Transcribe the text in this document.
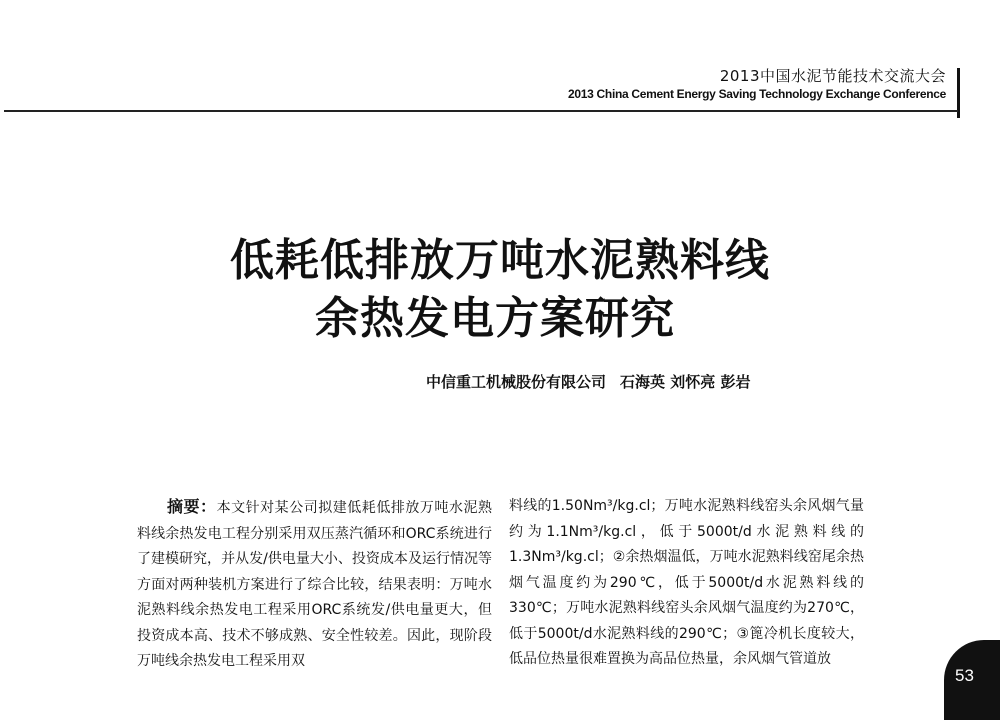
2013中国水泥节能技术交流大会
2013 China Cement Energy Saving Technology Exchange Conference
低耗低排放万吨水泥熟料线
余热发电方案研究
中信重工机械股份有限公司 石海英 刘怀亮 彭岩

摘要：本文针对某公司拟建低耗低排放万吨水泥熟料线余热发电工程分别采用双压蒸汽循环和ORC系统进行了建模研究，并从发/供电量大小、投资成本及运行情况等方面对两种装机方案进行了综合比较，结果表明：万吨水泥熟料线余热发电工程采用ORC系统发/供电量更大，但投资成本高、技术不够成熟、安全性较差。因此，现阶段万吨线余热发电工程采用双

料线的1.50Nm³/kg.cl；万吨水泥熟料线窑头余风烟气量约为1.1Nm³/kg.cl，低于5000t/d水泥熟料线的1.3Nm³/kg.cl；②余热烟温低，万吨水泥熟料线窑尾余热烟气温度约为290℃，低于5000t/d水泥熟料线的330℃；万吨水泥熟料线窑头余风烟气温度约为270℃，低于5000t/d水泥熟料线的290℃；③篦冷机长度较大，低品位热量很难置换为高品位热量，余风烟气管道放

53
